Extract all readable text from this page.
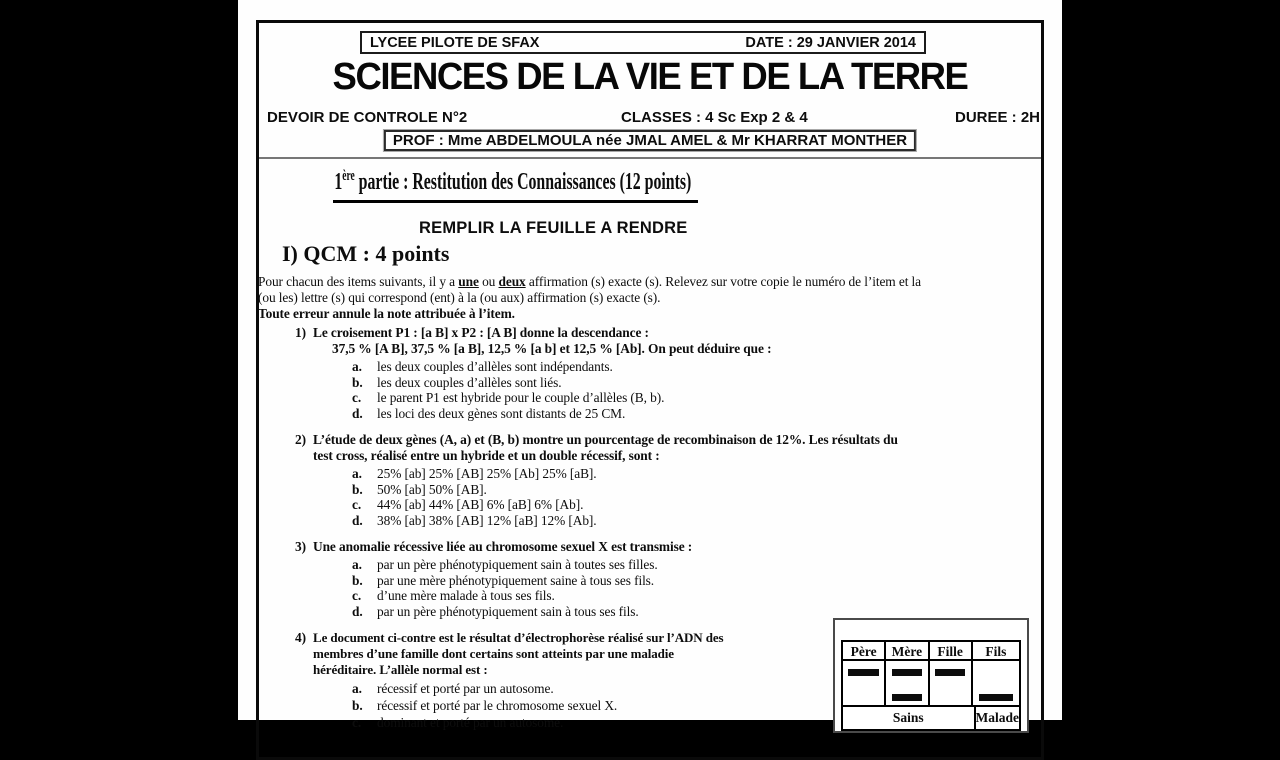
LYCEE PILOTE DE SFAX	DATE : 29 JANVIER 2014
SCIENCES DE LA VIE ET DE LA TERRE
DEVOIR DE CONTROLE N°2	CLASSES : 4 Sc Exp 2 & 4	DUREE : 2H
PROF : Mme ABDELMOULA née JMAL AMEL & Mr KHARRAT MONTHER
1ère partie : Restitution des Connaissances (12 points)
REMPLIR LA FEUILLE A RENDRE
I) QCM : 4 points
Pour chacun des items suivants, il y a une ou deux affirmation (s) exacte (s). Relevez sur votre copie le numéro de l’item et la
(ou les) lettre (s) qui correspond (ent) à la (ou aux) affirmation (s) exacte (s).
Toute erreur annule la note attribuée à l’item.
1) Le croisement P1 : [a B] x P2 : [A B] donne la descendance :
37,5 % [A B], 37,5 % [a B], 12,5 % [a b] et 12,5 % [Ab]. On peut déduire que :
a.	les deux couples d’allèles sont indépendants.
b.	les deux couples d’allèles sont liés.
c.	le parent P1 est hybride pour le couple d’allèles (B, b).
d.	les loci des deux gènes sont distants de 25 CM.
2) L’étude de deux gènes (A, a) et (B, b) montre un pourcentage de recombinaison de 12%. Les résultats du
test cross, réalisé entre un hybride et un double récessif, sont :
a.	25% [ab] 25% [AB] 25% [Ab] 25% [aB].
b.	50% [ab] 50% [AB].
c.	44% [ab] 44% [AB] 6% [aB] 6% [Ab].
d.	38% [ab] 38% [AB] 12% [aB] 12% [Ab].
3) Une anomalie récessive liée au chromosome sexuel X est transmise :
a.	par un père phénotypiquement sain à toutes ses filles.
b.	par une mère phénotypiquement saine à tous ses fils.
c.	d’une mère malade à tous ses fils.
d.	par un père phénotypiquement sain à tous ses fils.
4) Le document ci-contre est le résultat d’électrophorèse réalisé sur l’ADN des
membres d’une famille dont certains sont atteints par une maladie
héréditaire. L’allèle normal est :
a.	récessif et porté par un autosome.
b.	récessif et porté par le chromosome sexuel X.
c.	dominant et porté par un autosome.
Père	Mère	Fille	Fils
Sains	Malade
